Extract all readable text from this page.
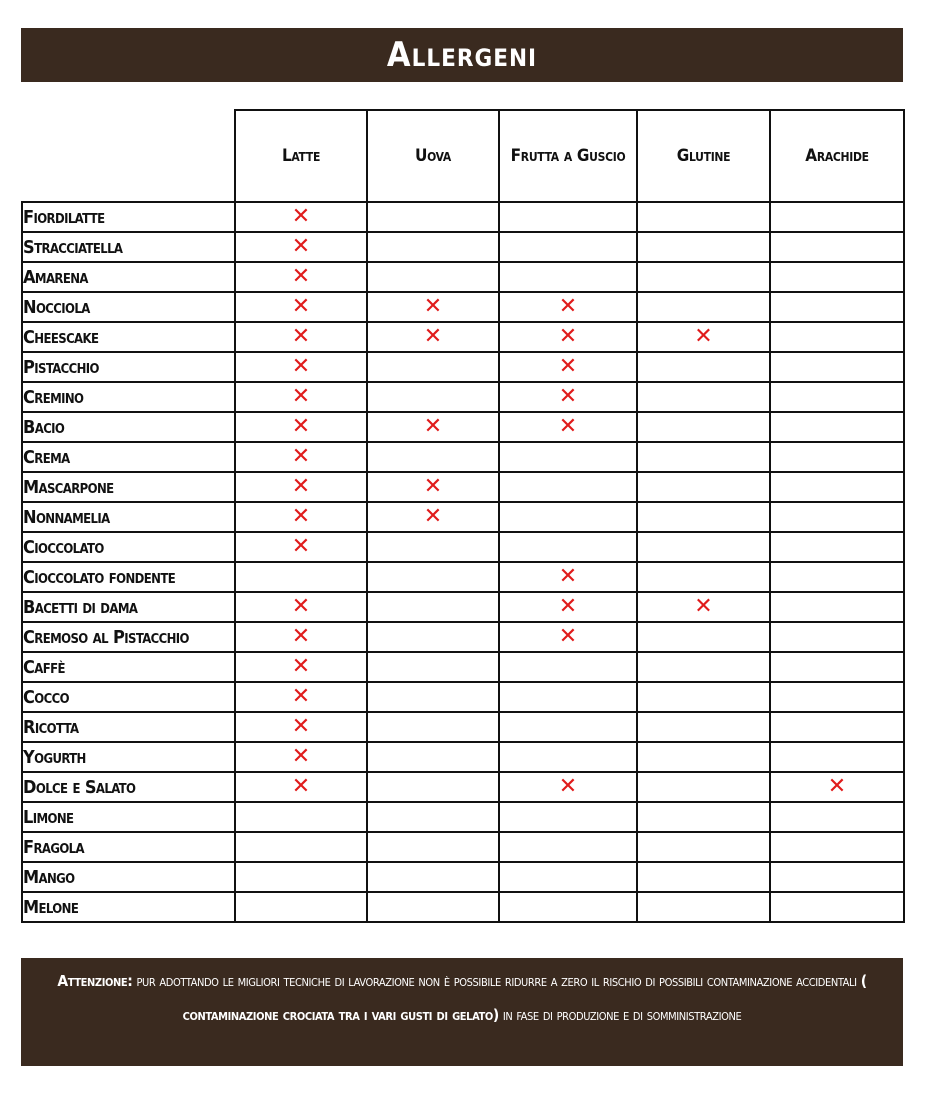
Allergeni
	Latte	Uova	Frutta a Guscio	Glutine	Arachide
Fiordilatte	✕				
Stracciatella	✕				
Amarena	✕				
Nocciola	✕	✕	✕		
Cheescake	✕	✕	✕	✕	
Pistacchio	✕		✕		
Cremino	✕		✕		
Bacio	✕	✕	✕		
Crema	✕				
Mascarpone	✕	✕			
Nonnamelia	✕	✕			
Cioccolato	✕				
Cioccolato fondente			✕		
Bacetti di dama	✕		✕	✕	
Cremoso al Pistacchio	✕		✕		
Caffè	✕				
Cocco	✕				
Ricotta	✕				
Yogurth	✕				
Dolce e Salato	✕		✕		✕
Limone					
Fragola					
Mango					
Melone					
Attenzione: pur adottando le migliori tecniche di lavorazione non è possibile ridurre a zero il rischio di possibili contaminazione accidentali ( contaminazione crociata tra i vari gusti di gelato) in fase di produzione e di somministrazione
